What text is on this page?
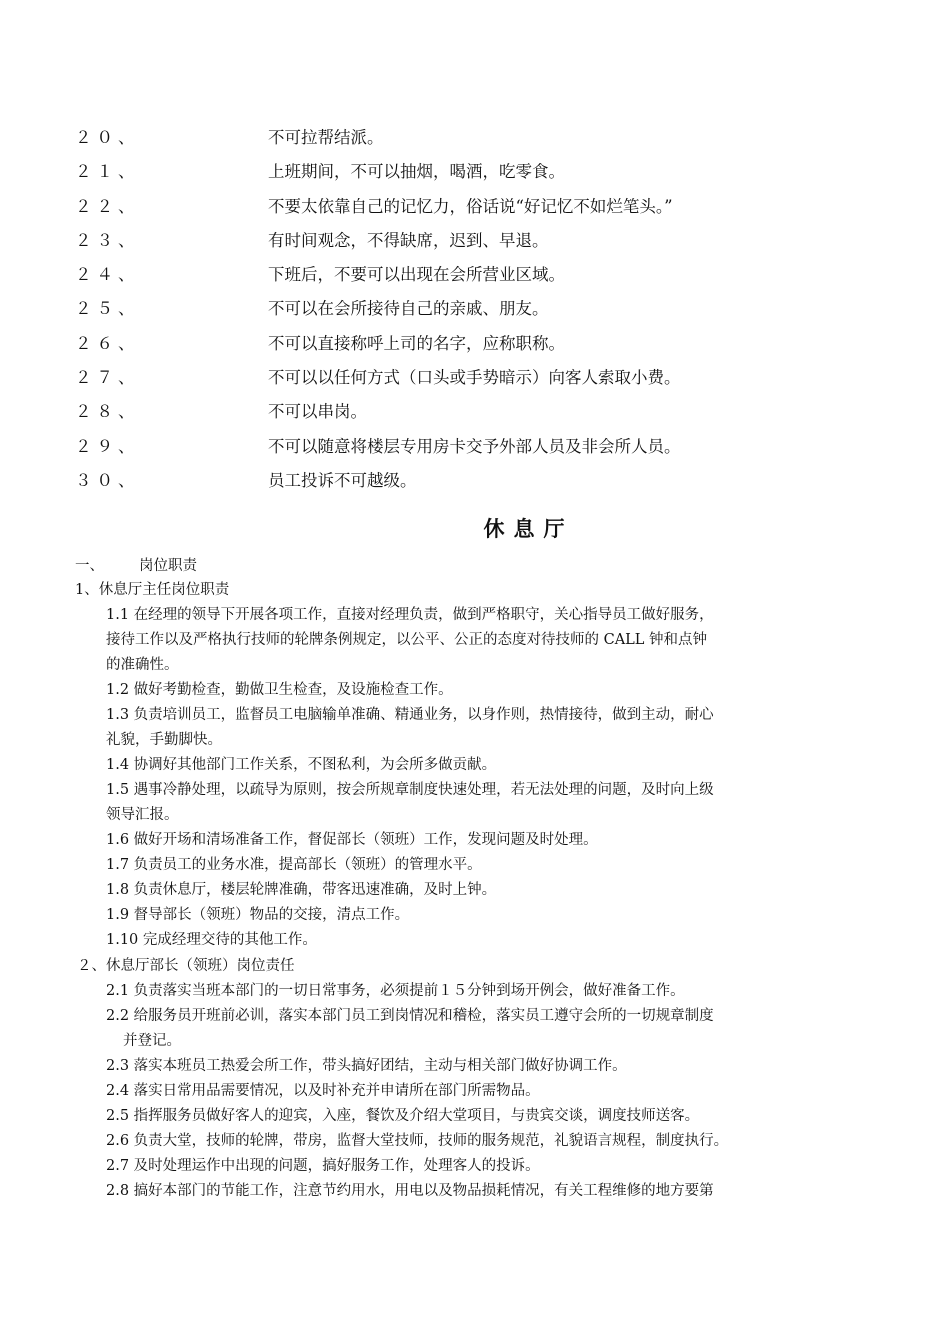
２０、	不可拉帮结派。
２１、	上班期间，不可以抽烟，喝酒，吃零食。
２２、	不要太依靠自己的记忆力，俗话说“好记忆不如烂笔头。”
２３、	有时间观念，不得缺席，迟到、早退。
２４、	下班后，不要可以出现在会所营业区域。
２５、	不可以在会所接待自己的亲戚、朋友。
２６、	不可以直接称呼上司的名字，应称职称。
２７、	不可以以任何方式（口头或手势暗示）向客人索取小费。
２８、	不可以串岗。
２９、	不可以随意将楼层专用房卡交予外部人员及非会所人员。
３０、	员工投诉不可越级。
休息厅
一、 岗位职责
1、休息厅主任岗位职责
1.1 在经理的领导下开展各项工作，直接对经理负责，做到严格职守，关心指导员工做好服务，
接待工作以及严格执行技师的轮牌条例规定，以公平、公正的态度对待技师的 CALL 钟和点钟
的准确性。
1.2 做好考勤检查，勤做卫生检查，及设施检查工作。
1.3 负责培训员工，监督员工电脑输单准确、精通业务，以身作则，热情接待，做到主动，耐心
礼貌，手勤脚快。
1.4 协调好其他部门工作关系，不图私利，为会所多做贡献。
1.5 遇事冷静处理，以疏导为原则，按会所规章制度快速处理，若无法处理的问题，及时向上级
领导汇报。
1.6 做好开场和清场准备工作，督促部长（领班）工作，发现问题及时处理。
1.7 负责员工的业务水准，提高部长（领班）的管理水平。
1.8 负责休息厅，楼层轮牌准确，带客迅速准确，及时上钟。
1.9 督导部长（领班）物品的交接，清点工作。
1.10 完成经理交待的其他工作。
２、休息厅部长（领班）岗位责任
2.1 负责落实当班本部门的一切日常事务，必须提前１５分钟到场开例会，做好准备工作。
2.2 给服务员开班前必训，落实本部门员工到岗情况和稽检，落实员工遵守会所的一切规章制度
并登记。
2.3 落实本班员工热爱会所工作，带头搞好团结，主动与相关部门做好协调工作。
2.4 落实日常用品需要情况，以及时补充并申请所在部门所需物品。
2.5 指挥服务员做好客人的迎宾，入座，餐饮及介绍大堂项目，与贵宾交谈，调度技师送客。
2.6 负责大堂，技师的轮牌，带房，监督大堂技师，技师的服务规范，礼貌语言规程，制度执行。
2.7 及时处理运作中出现的问题，搞好服务工作，处理客人的投诉。
2.8 搞好本部门的节能工作，注意节约用水，用电以及物品损耗情况，有关工程维修的地方要第
